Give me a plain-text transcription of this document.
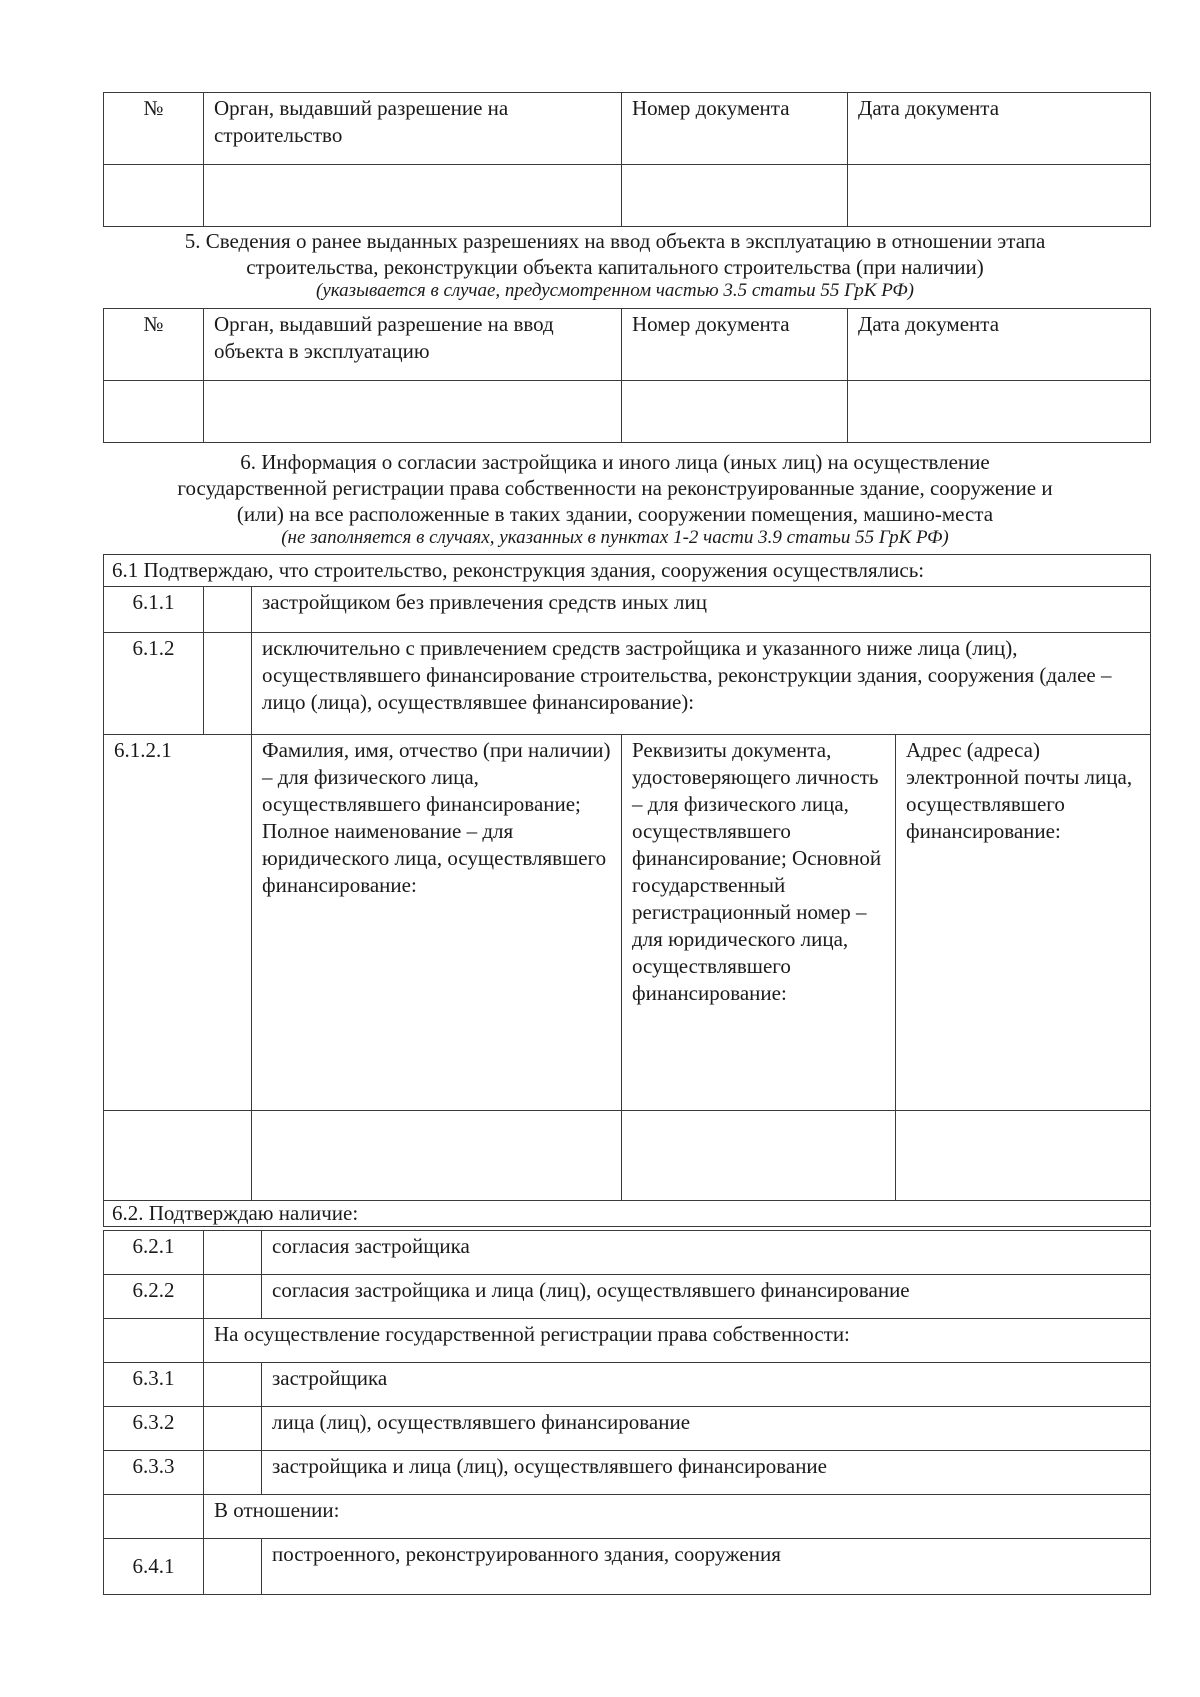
№	Орган, выдавший разрешение на строительство	Номер документа	Дата документа

5. Сведения о ранее выданных разрешениях на ввод объекта в эксплуатацию в отношении этапа
строительства, реконструкции объекта капитального строительства (при наличии)
(указывается в случае, предусмотренном частью 3.5 статьи 55 ГрК РФ)
№	Орган, выдавший разрешение на ввод объекта в эксплуатацию	Номер документа	Дата документа

6. Информация о согласии застройщика и иного лица (иных лиц) на осуществление
государственной регистрации права собственности на реконструированные здание, сооружение и
(или) на все расположенные в таких здании, сооружении помещения, машино-места
(не заполняется в случаях, указанных в пунктах 1-2 части 3.9 статьи 55 ГрК РФ)
6.1 Подтверждаю, что строительство, реконструкция здания, сооружения осуществлялись:				
6.1.1		застройщиком без привлечения средств иных лиц		
6.1.2		исключительно с привлечением средств застройщика и указанного ниже лица (лиц), осуществлявшего финансирование строительства, реконструкции здания, сооружения (далее – лицо (лица), осуществлявшее финансирование):		
6.1.2.1		Фамилия, имя, отчество (при наличии) – для физического лица, осуществлявшего финансирование; Полное наименование – для юридического лица, осуществлявшего финансирование:	Реквизиты документа, удостоверяющего личность – для физического лица, осуществлявшего финансирование; Основной государственный регистрационный номер – для юридического лица, осуществлявшего финансирование:	Адрес (адреса) электронной почты лица, осуществлявшего финансирование:

6.2. Подтверждаю наличие:				
6.2.1		согласия застройщика
6.2.2		согласия застройщика и лица (лиц), осуществлявшего финансирование
	На осуществление государственной регистрации права собственности:	
6.3.1		застройщика
6.3.2		лица (лиц), осуществлявшего финансирование
6.3.3		застройщика и лица (лиц), осуществлявшего финансирование
	В отношении:	
6.4.1		построенного, реконструированного здания, сооружения
